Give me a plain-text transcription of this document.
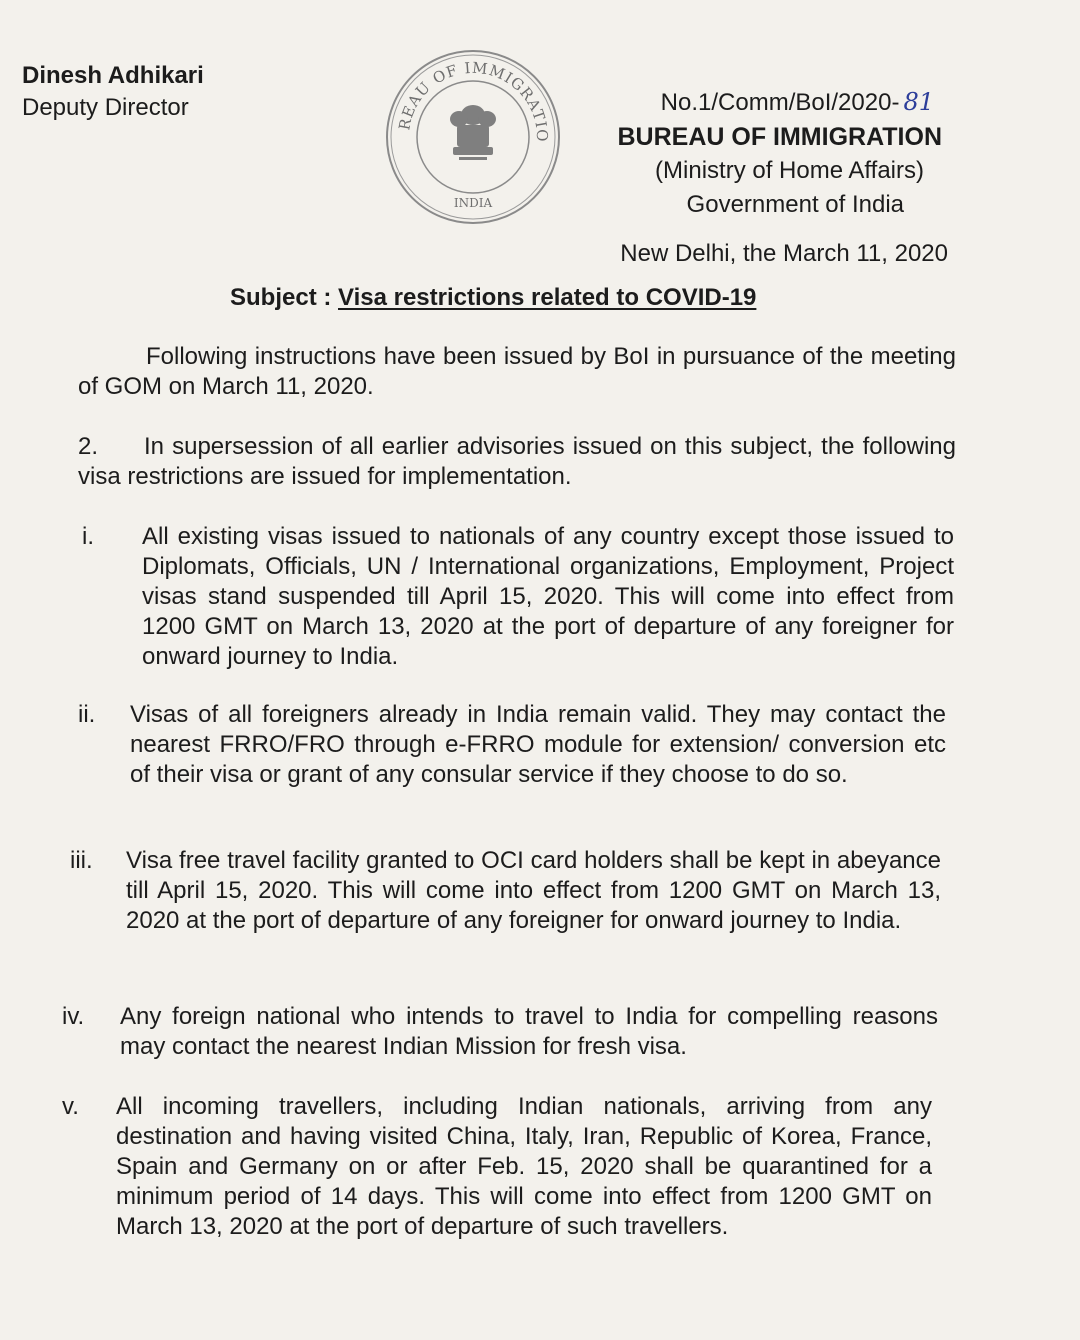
Dinesh Adhikari
Deputy Director
REAU OF IMMIGRATIO
INDIA
No.1/Comm/BoI/2020- 81
BUREAU OF IMMIGRATION
(Ministry of Home Affairs)
Government of India
New Delhi, the March 11, 2020
Subject : Visa restrictions related to COVID-19
Following instructions have been issued by BoI in pursuance of the meeting of GOM on March 11, 2020.
2. In supersession of all earlier advisories issued on this subject, the following visa restrictions are issued for implementation.
i. All existing visas issued to nationals of any country except those issued to Diplomats, Officials, UN / International organizations, Employment, Project visas stand suspended till April 15, 2020. This will come into effect from 1200 GMT on March 13, 2020 at the port of departure of any foreigner for onward journey to India.
ii. Visas of all foreigners already in India remain valid. They may contact the nearest FRRO/FRO through e-FRRO module for extension/ conversion etc of their visa or grant of any consular service if they choose to do so.
iii. Visa free travel facility granted to OCI card holders shall be kept in abeyance till April 15, 2020. This will come into effect from 1200 GMT on March 13, 2020 at the port of departure of any foreigner for onward journey to India.
iv. Any foreign national who intends to travel to India for compelling reasons may contact the nearest Indian Mission for fresh visa.
v. All incoming travellers, including Indian nationals, arriving from any destination and having visited China, Italy, Iran, Republic of Korea, France, Spain and Germany on or after Feb. 15, 2020 shall be quarantined for a minimum period of 14 days. This will come into effect from 1200 GMT on March 13, 2020 at the port of departure of such travellers.
